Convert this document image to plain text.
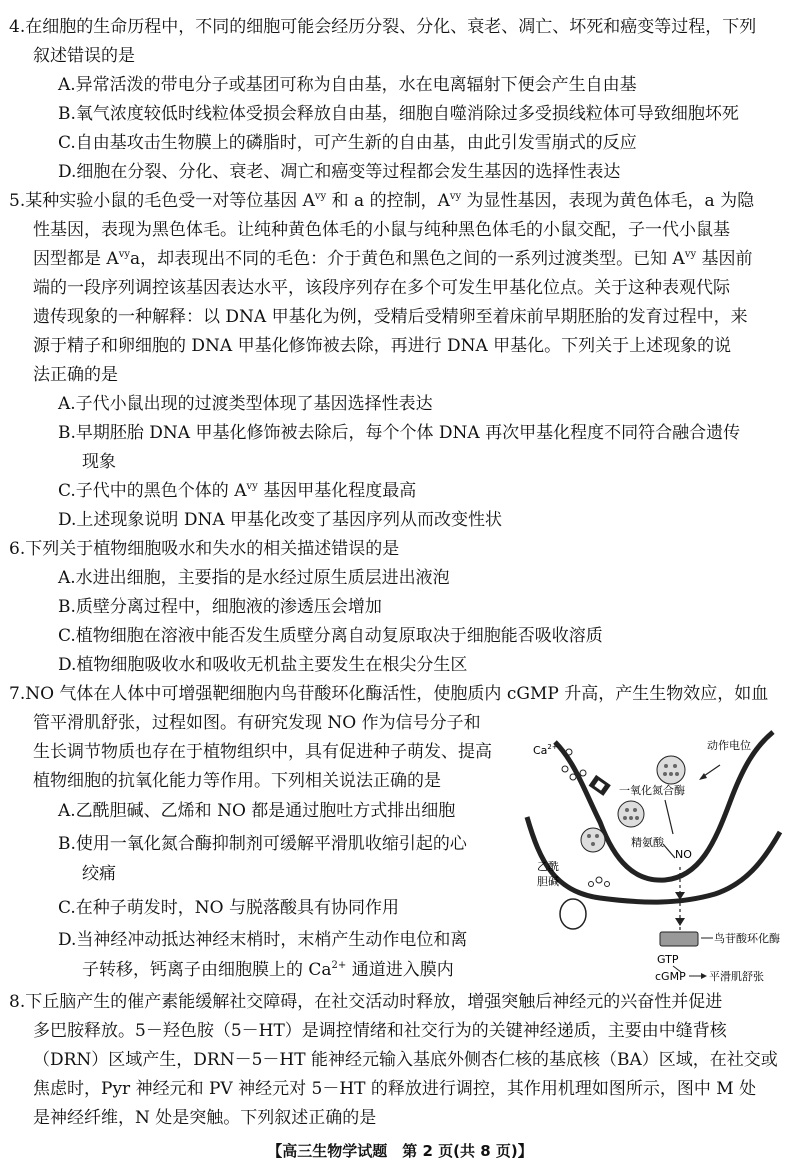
4.在细胞的生命历程中，不同的细胞可能会经历分裂、分化、衰老、凋亡、坏死和癌变等过程，下列
叙述错误的是
A.异常活泼的带电分子或基团可称为自由基，水在电离辐射下便会产生自由基
B.氧气浓度较低时线粒体受损会释放自由基，细胞自噬消除过多受损线粒体可导致细胞坏死
C.自由基攻击生物膜上的磷脂时，可产生新的自由基，由此引发雪崩式的反应
D.细胞在分裂、分化、衰老、凋亡和癌变等过程都会发生基因的选择性表达
5.某种实验小鼠的毛色受一对等位基因 $A^{vy}$ 和 a 的控制，$A^{vy}$ 为显性基因，表现为黄色体毛，a 为隐
性基因，表现为黑色体毛。让纯种黄色体毛的小鼠与纯种黑色体毛的小鼠交配，子一代小鼠基
因型都是 $A^{vy}a$，却表现出不同的毛色：介于黄色和黑色之间的一系列过渡类型。已知 $A^{vy}$ 基因前
端的一段序列调控该基因表达水平，该段序列存在多个可发生甲基化位点。关于这种表观代际
遗传现象的一种解释：以 DNA 甲基化为例，受精后受精卵至着床前早期胚胎的发育过程中，来
源于精子和卵细胞的 DNA 甲基化修饰被去除，再进行 DNA 甲基化。下列关于上述现象的说
法正确的是
A.子代小鼠出现的过渡类型体现了基因选择性表达
B.早期胚胎 DNA 甲基化修饰被去除后，每个个体 DNA 再次甲基化程度不同符合融合遗传
现象
C.子代中的黑色个体的 $A^{vy}$ 基因甲基化程度最高
D.上述现象说明 DNA 甲基化改变了基因序列从而改变性状
6.下列关于植物细胞吸水和失水的相关描述错误的是
A.水进出细胞，主要指的是水经过原生质层进出液泡
B.质壁分离过程中，细胞液的渗透压会增加
C.植物细胞在溶液中能否发生质壁分离自动复原取决于细胞能否吸收溶质
D.植物细胞吸收水和吸收无机盐主要发生在根尖分生区
7.NO 气体在人体中可增强靶细胞内鸟苷酸环化酶活性，使胞质内 cGMP 升高，产生生物效应，如血
管平滑肌舒张，过程如图。有研究发现 NO 作为信号分子和
生长调节物质也存在于植物组织中，具有促进种子萌发、提高
植物细胞的抗氧化能力等作用。下列相关说法正确的是
A.乙酰胆碱、乙烯和 NO 都是通过胞吐方式排出细胞
B.使用一氧化氮合酶抑制剂可缓解平滑肌收缩引起的心
绞痛
C.在种子萌发时，NO 与脱落酸具有协同作用
D.当神经冲动抵达神经末梢时，末梢产生动作电位和离
子转移，钙离子由细胞膜上的 $Ca^{2+}$ 通道进入膜内
$Ca^{2+}$	动作电位
一氧化氮合酶
精氨酸
NO
乙酰
胆碱
鸟苷酸环化酶
GTP
cGMP 平滑肌舒张
8.下丘脑产生的催产素能缓解社交障碍，在社交活动时释放，增强突触后神经元的兴奋性并促进
多巴胺释放。5－羟色胺（5－HT）是调控情绪和社交行为的关键神经递质，主要由中缝背核
（DRN）区域产生，DRN－5－HT 能神经元输入基底外侧杏仁核的基底核（BA）区域，在社交或
焦虑时，Pyr 神经元和 PV 神经元对 5－HT 的释放进行调控，其作用机理如图所示，图中 M 处
是神经纤维，N 处是突触。下列叙述正确的是
【高三生物学试题　第 2 页(共 8 页)】
